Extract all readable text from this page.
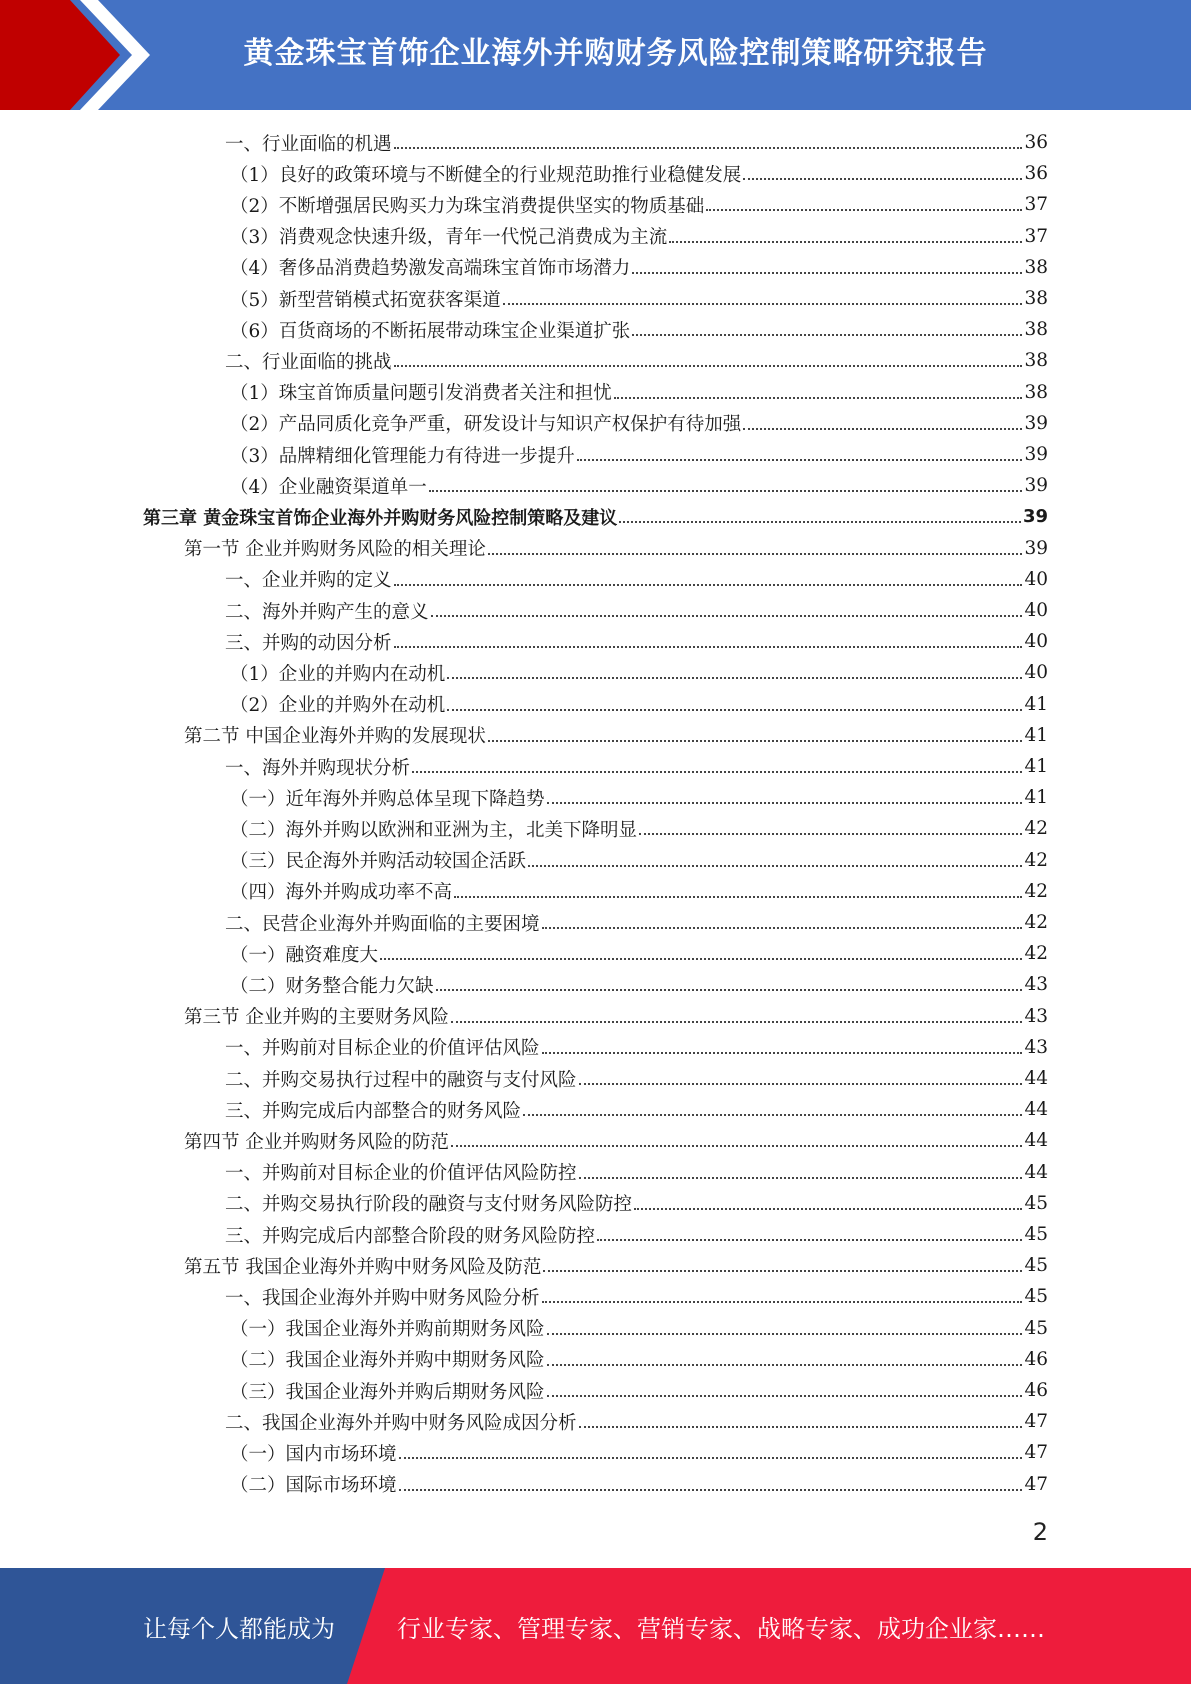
黄金珠宝首饰企业海外并购财务风险控制策略研究报告
一、行业面临的机遇	36
（1）良好的政策环境与不断健全的行业规范助推行业稳健发展	36
（2）不断增强居民购买力为珠宝消费提供坚实的物质基础	37
（3）消费观念快速升级，青年一代悦己消费成为主流	37
（4）奢侈品消费趋势激发高端珠宝首饰市场潜力	38
（5）新型营销模式拓宽获客渠道	38
（6）百货商场的不断拓展带动珠宝企业渠道扩张	38
二、行业面临的挑战	38
（1）珠宝首饰质量问题引发消费者关注和担忧	38
（2）产品同质化竞争严重，研发设计与知识产权保护有待加强	39
（3）品牌精细化管理能力有待进一步提升	39
（4）企业融资渠道单一	39
第三章 黄金珠宝首饰企业海外并购财务风险控制策略及建议	39
第一节 企业并购财务风险的相关理论	39
一、企业并购的定义	40
二、海外并购产生的意义	40
三、并购的动因分析	40
（1）企业的并购内在动机	40
（2）企业的并购外在动机	41
第二节 中国企业海外并购的发展现状	41
一、海外并购现状分析	41
（一）近年海外并购总体呈现下降趋势	41
（二）海外并购以欧洲和亚洲为主，北美下降明显	42
（三）民企海外并购活动较国企活跃	42
（四）海外并购成功率不高	42
二、民营企业海外并购面临的主要困境	42
（一）融资难度大	42
（二）财务整合能力欠缺	43
第三节 企业并购的主要财务风险	43
一、并购前对目标企业的价值评估风险	43
二、并购交易执行过程中的融资与支付风险	44
三、并购完成后内部整合的财务风险	44
第四节 企业并购财务风险的防范	44
一、并购前对目标企业的价值评估风险防控	44
二、并购交易执行阶段的融资与支付财务风险防控	45
三、并购完成后内部整合阶段的财务风险防控	45
第五节 我国企业海外并购中财务风险及防范	45
一、我国企业海外并购中财务风险分析	45
（一）我国企业海外并购前期财务风险	45
（二）我国企业海外并购中期财务风险	46
（三）我国企业海外并购后期财务风险	46
二、我国企业海外并购中财务风险成因分析	47
（一）国内市场环境	47
（二）国际市场环境	47
2
让每个人都能成为	行业专家、管理专家、营销专家、战略专家、成功企业家……
